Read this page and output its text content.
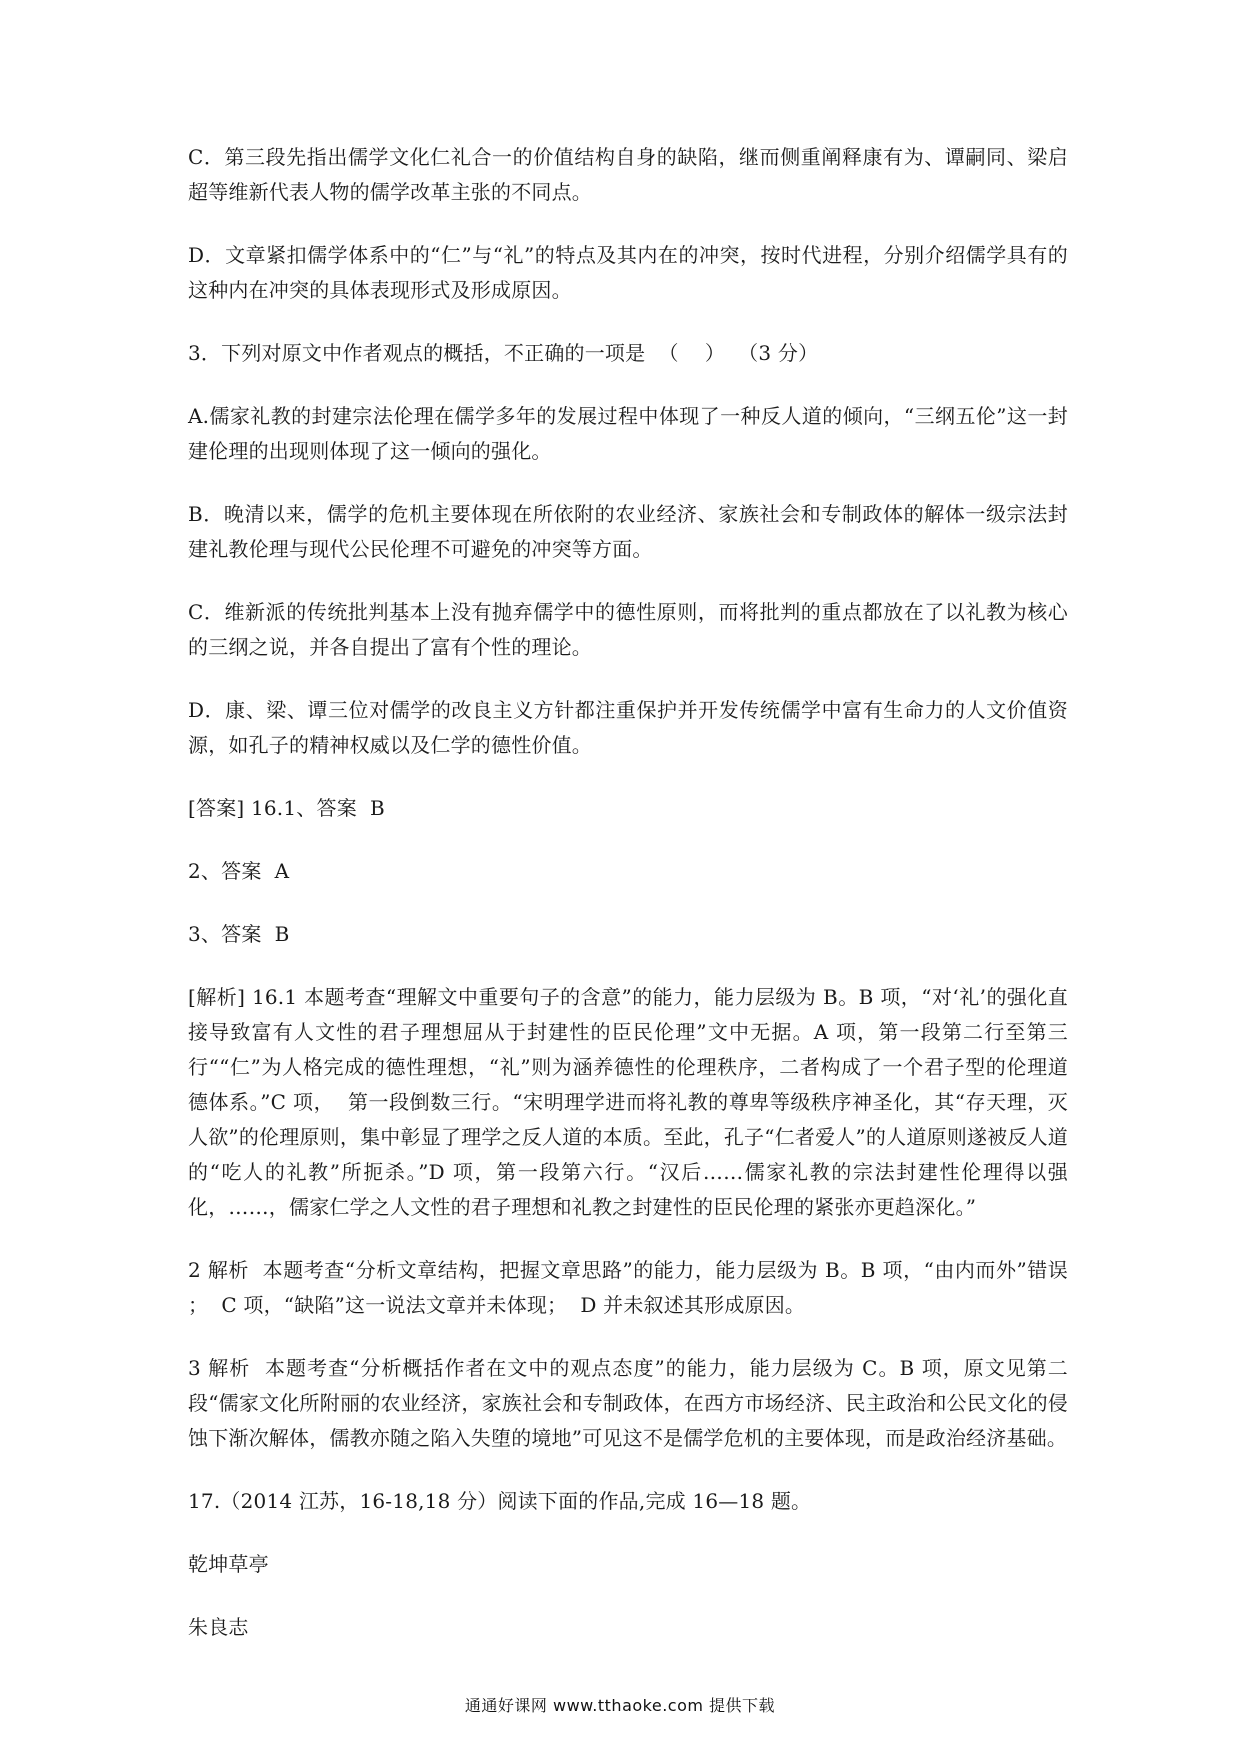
C．第三段先指出儒学文化仁礼合一的价值结构自身的缺陷，继而侧重阐释康有为、谭嗣同、梁启超等维新代表人物的儒学改革主张的不同点。

D．文章紧扣儒学体系中的“仁”与“礼”的特点及其内在的冲突，按时代进程，分别介绍儒学具有的这种内在冲突的具体表现形式及形成原因。

3．下列对原文中作者观点的概括，不正确的一项是  （    ）  （3 分）

A.儒家礼教的封建宗法伦理在儒学多年的发展过程中体现了一种反人道的倾向，“三纲五伦”这一封建伦理的出现则体现了这一倾向的强化。

B．晚清以来，儒学的危机主要体现在所依附的农业经济、家族社会和专制政体的解体一级宗法封建礼教伦理与现代公民伦理不可避免的冲突等方面。

C．维新派的传统批判基本上没有抛弃儒学中的德性原则，而将批判的重点都放在了以礼教为核心的三纲之说，并各自提出了富有个性的理论。

D．康、梁、谭三位对儒学的改良主义方针都注重保护并开发传统儒学中富有生命力的人文价值资源，如孔子的精神权威以及仁学的德性价值。

[答案] 16.1、答案  B

2、答案  A

3、答案  B

[解析] 16.1 本题考查“理解文中重要句子的含意”的能力，能力层级为 B。B 项，“对‘礼’的强化直接导致富有人文性的君子理想屈从于封建性的臣民伦理”文中无据。A 项，第一段第二行至第三行““仁”为人格完成的德性理想，“礼”则为涵养德性的伦理秩序，二者构成了一个君子型的伦理道德体系。”C 项，  第一段倒数三行。“宋明理学进而将礼教的尊卑等级秩序神圣化，其“存天理，灭人欲”的伦理原则，集中彰显了理学之反人道的本质。至此，孔子“仁者爱人”的人道原则遂被反人道的“吃人的礼教”所扼杀。”D 项，第一段第六行。“汉后……儒家礼教的宗法封建性伦理得以强化，……，儒家仁学之人文性的君子理想和礼教之封建性的臣民伦理的紧张亦更趋深化。”

2 解析  本题考查“分析文章结构，把握文章思路”的能力，能力层级为 B。B 项，“由内而外”错误 ；  C 项，“缺陷”这一说法文章并未体现；  D 并未叙述其形成原因。

3 解析  本题考查“分析概括作者在文中的观点态度”的能力，能力层级为 C。B 项，原文见第二段“儒家文化所附丽的农业经济，家族社会和专制政体，在西方市场经济、民主政治和公民文化的侵蚀下渐次解体，儒教亦随之陷入失堕的境地”可见这不是儒学危机的主要体现，而是政治经济基础。

17.（2014 江苏，16-18,18 分）阅读下面的作品,完成 16—18 题。

乾坤草亭

朱良志

通通好课网 www.tthaoke.com 提供下载
